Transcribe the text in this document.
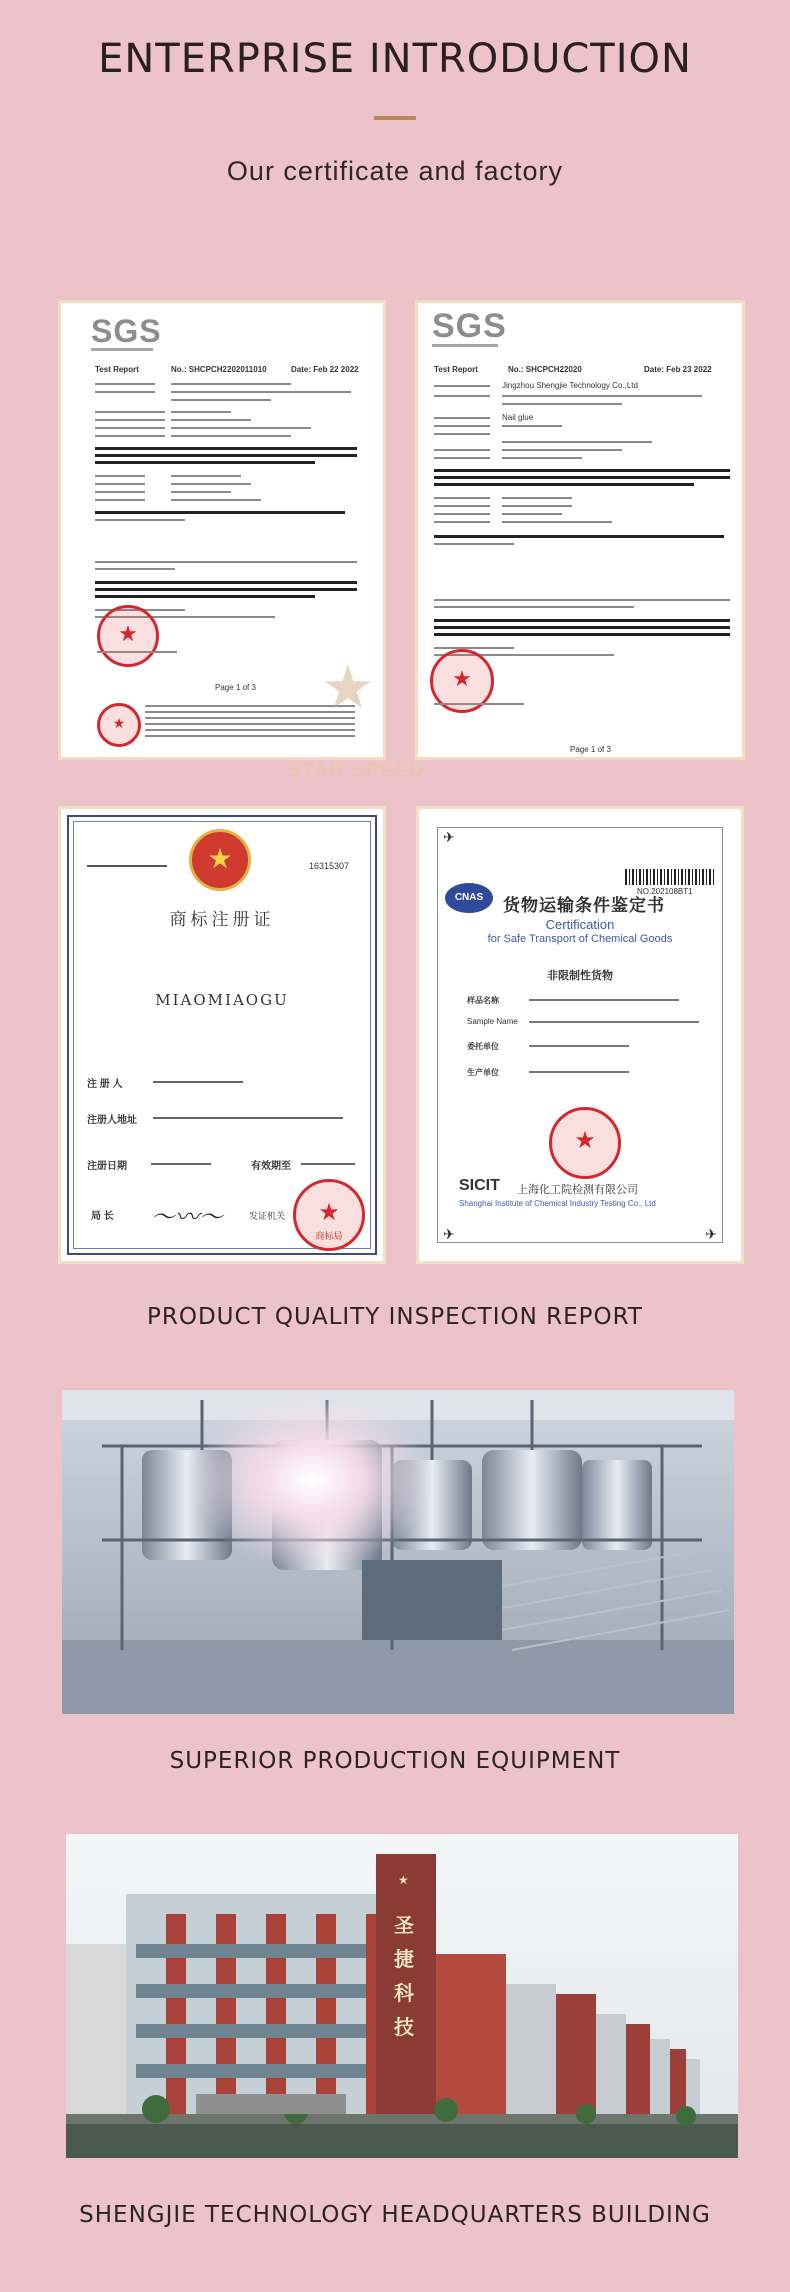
ENTERPRISE INTRODUCTION
Our certificate and factory
SGS
Test Report	No.: SHCPCH2202011010	Date: Feb 22 2022
★
Page 1 of 3
★
★
STAR SPEED
SGS
Test Report	No.: SHCPCH22020	Date: Feb 23 2022
Jingzhou Shengjie Technology Co.,Ltd
Nail glue
★
Page 1 of 3
★	16315307
商标注册证
MIAOMIAOGU
注 册 人
注册人地址
注册日期	有效期至
局 长 〜〰〜	发证机关 ★
商标局
✈
✈
✈
NO.202108BT1
CNAS	货物运输条件鉴定书
Certification
for Safe Transport of Chemical Goods
非限制性货物
样品名称
Sample Name
委托单位
生产单位
★
SICIT 上海化工院检测有限公司
Shanghai Institute of Chemical Industry Testing Co., Ltd
PRODUCT QUALITY INSPECTION REPORT
SUPERIOR PRODUCTION EQUIPMENT
★
圣捷科技
SHENGJIE TECHNOLOGY HEADQUARTERS BUILDING
